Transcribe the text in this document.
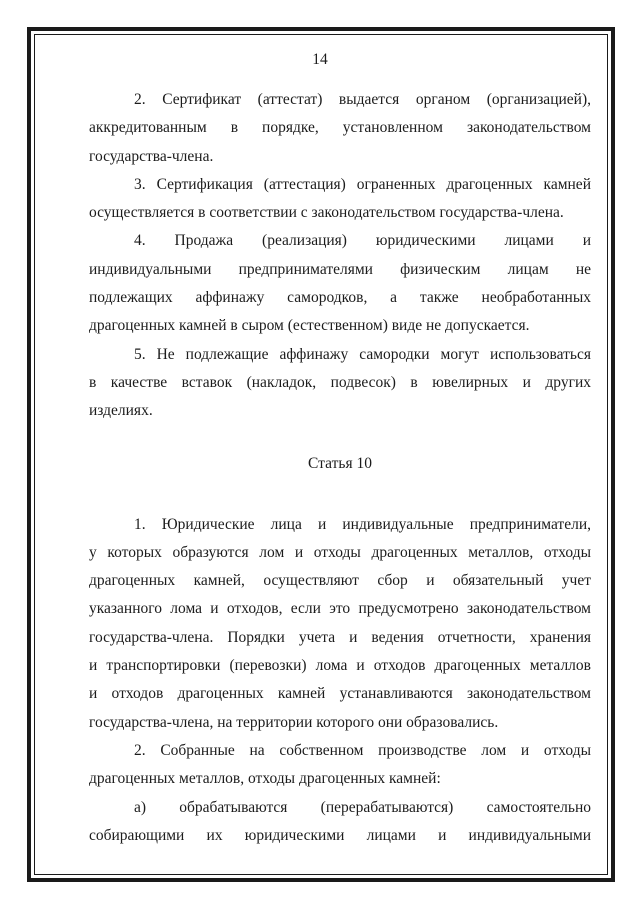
14
2. Сертификат (аттестат) выдается органом (организацией),
аккредитованным в порядке, установленном законодательством
государства-члена.
3. Сертификация (аттестация) ограненных драгоценных камней
осуществляется в соответствии с законодательством государства-члена.
4. Продажа (реализация) юридическими лицами и
индивидуальными предпринимателями физическим лицам не
подлежащих аффинажу самородков, а также необработанных
драгоценных камней в сыром (естественном) виде не допускается.
5. Не подлежащие аффинажу самородки могут использоваться
в качестве вставок (накладок, подвесок) в ювелирных и других
изделиях.

Статья 10

1. Юридические лица и индивидуальные предприниматели,
у которых образуются лом и отходы драгоценных металлов, отходы
драгоценных камней, осуществляют сбор и обязательный учет
указанного лома и отходов, если это предусмотрено законодательством
государства-члена. Порядки учета и ведения отчетности, хранения
и транспортировки (перевозки) лома и отходов драгоценных металлов
и отходов драгоценных камней устанавливаются законодательством
государства-члена, на территории которого они образовались.
2. Собранные на собственном производстве лом и отходы
драгоценных металлов, отходы драгоценных камней:
а) обрабатываются (перерабатываются) самостоятельно
собирающими их юридическими лицами и индивидуальными
